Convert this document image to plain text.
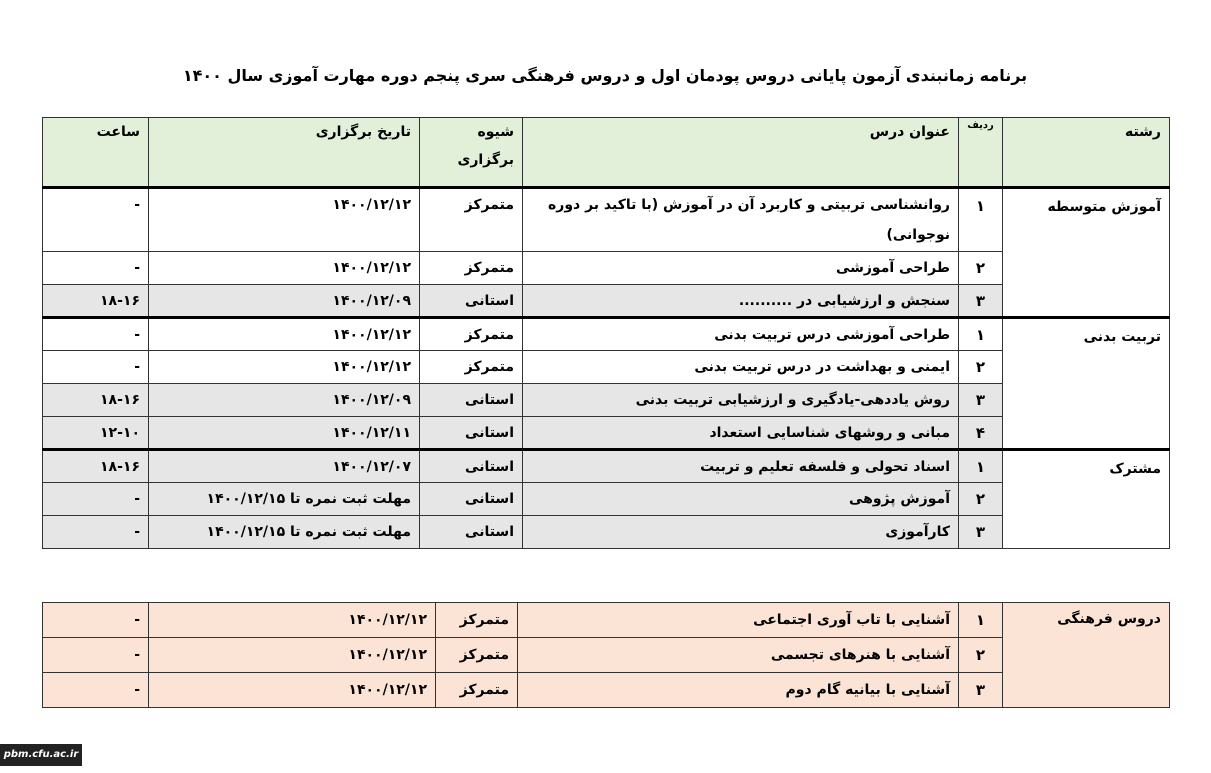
برنامه زمانبندی آزمون پایانی دروس پودمان اول و دروس فرهنگی سری پنجم دوره مهارت آموزی سال ۱۴۰۰
رشته	ردیف	عنوان درس	شیوه برگزاری	تاریخ برگزاری	ساعت
آموزش متوسطه	۱	روانشناسی تربیتی و کاربرد آن در آموزش (با تاکید بر دوره نوجوانی)	متمرکز	۱۴۰۰/۱۲/۱۲	-
	۲	طراحی آموزشی	متمرکز	۱۴۰۰/۱۲/۱۲	-
	۳	سنجش و ارزشیابی در ..........	استانی	۱۴۰۰/۱۲/۰۹	۱۸-۱۶
تربیت بدنی	۱	طراحی آموزشی درس تربیت بدنی	متمرکز	۱۴۰۰/۱۲/۱۲	-
	۲	ایمنی و بهداشت در درس تربیت بدنی	متمرکز	۱۴۰۰/۱۲/۱۲	-
	۳	روش یاددهی-یادگیری و ارزشیابی تربیت بدنی	استانی	۱۴۰۰/۱۲/۰۹	۱۸-۱۶
	۴	مبانی و روشهای شناسایی استعداد	استانی	۱۴۰۰/۱۲/۱۱	۱۲-۱۰
مشترک	۱	اسناد تحولی و فلسفه تعلیم و تربیت	استانی	۱۴۰۰/۱۲/۰۷	۱۸-۱۶
	۲	آموزش پژوهی	استانی	مهلت ثبت نمره تا ۱۴۰۰/۱۲/۱۵	-
	۳	کارآموزی	استانی	مهلت ثبت نمره تا ۱۴۰۰/۱۲/۱۵	-
دروس فرهنگی	۱	آشنایی با تاب آوری اجتماعی	متمرکز	۱۴۰۰/۱۲/۱۲	-
	۲	آشنایی با هنرهای تجسمی	متمرکز	۱۴۰۰/۱۲/۱۲	-
	۳	آشنایی با بیانیه گام دوم	متمرکز	۱۴۰۰/۱۲/۱۲	-
pbm.cfu.ac.ir
